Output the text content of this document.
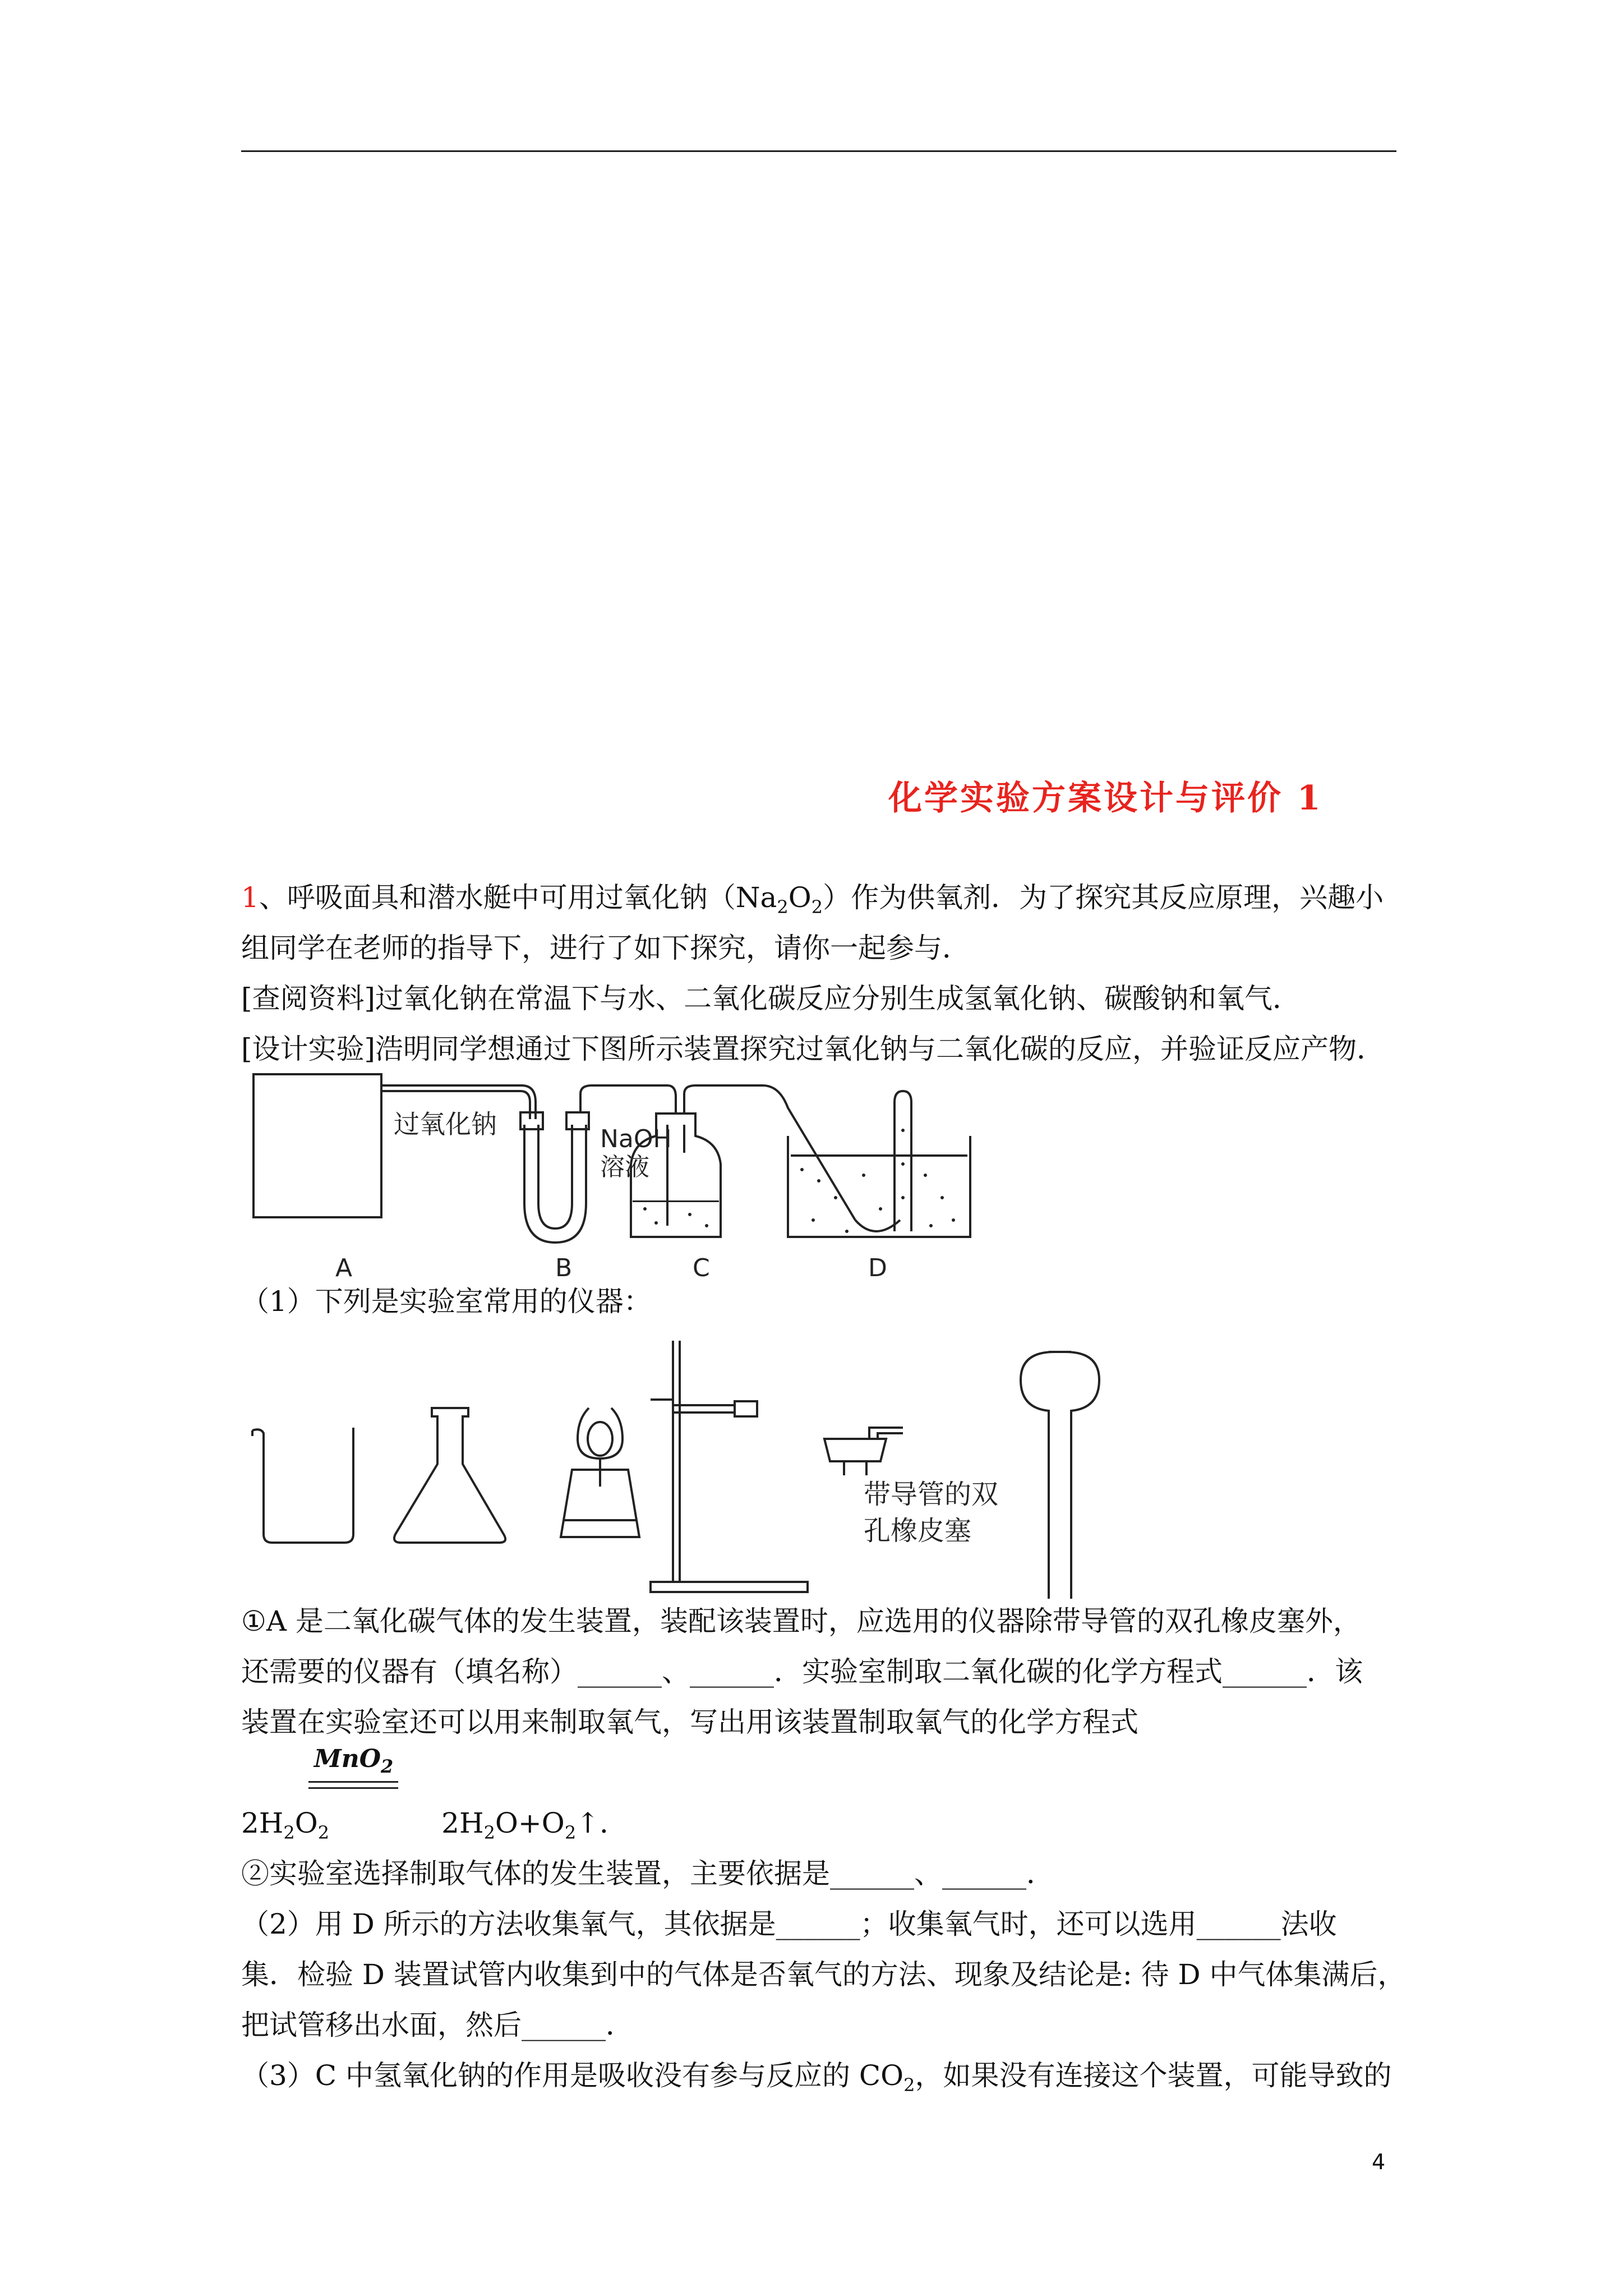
化学实验方案设计与评价 1
1、呼吸面具和潜水艇中可用过氧化钠$(Na_2O_2)$作为供氧剂．为了探究其反应原理，兴趣小
组同学在老师的指导下，进行了如下探究，请你一起参与．
[查阅资料]过氧化钠在常温下与水、二氧化碳反应分别生成氢氧化钠、碳酸钠和氧气．
[设计实验]浩明同学想通过下图所示装置探究过氧化钠与二氧化碳的反应，并验证反应产物．
过氧化钠	NaOH
溶液
A	B	C	D
（1）下列是实验室常用的仪器：
带导管的双
孔橡皮塞
①A 是二氧化碳气体的发生装置，装配该装置时，应选用的仪器除带导管的双孔橡皮塞外，
还需要的仪器有（填名称）______、______．实验室制取二氧化碳的化学方程式______．该
装置在实验室还可以用来制取氧气，写出用该装置制取氧气的化学方程式
MnO$_2$
$2H_2O_2$	$2H_2O+O_2↑$．
②实验室选择制取气体的发生装置，主要依据是______、______．
（2）用 D 所示的方法收集氧气，其依据是______；收集氧气时，还可以选用______法收
集．检验 D 装置试管内收集到中的气体是否氧气的方法、现象及结论是: 待 D 中气体集满后，
把试管移出水面，然后______．
（3）C 中氢氧化钠的作用是吸收没有参与反应的 $CO_2$，如果没有连接这个装置，可能导致的
4
